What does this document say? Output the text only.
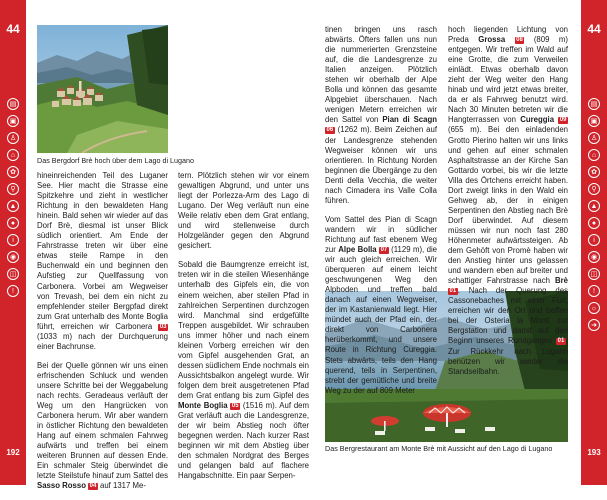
44
▤
▣
♙
⌂
✿
⚲
▲
●
i
◉
◫
!
192
44
▤
▣
♙
⌂
✿
⚲
▲
●
i
◉
◫
!
☼
➜
193
Das Bergdorf Brè hoch über dem Lago di Lugano
Das Bergrestaurant am Monte Brè mit Aussicht auf den Lago di Lugano

hineinreichenden Teil des Luganer See. Hier macht die Strasse eine Spitzkehre und zieht in westlicher Richtung in den bewaldeten Hang hinein. Bald sehen wir wieder auf das Dorf Brè, diesmal ist unser Blick südlich orientiert. Am Ende der Fahrstrasse treten wir über eine etwas steile Rampe in den Buchenwald ein und beginnen den Aufstieg zur Quellfassung von Carbonera. Vorbei am Wegweiser von Trevash, bei dem ein nicht zu empfehlender steiler Bergpfad direkt zum Grat unterhalb des Monte Boglia führt, erreichen wir Carbonera 03 (1033 m) nach der Durchquerung einer Bachrunse.

Bei der Quelle gönnen wir uns einen erfrischenden Schluck und wenden unsere Schritte bei der Weggabelung nach rechts. Geradeaus verläuft der Weg um den Hangrücken von Carbonera herum. Wir aber wandern in östlicher Richtung den bewaldeten Hang auf einem schmalen Fahrweg aufwärts und treffen bei einem weiteren Brunnen auf dessen Ende. Ein schmaler Steig überwindet die letzte Steilstufe hinauf zum Sattel des Sasso Rosso 04 auf 1317 Me-

tern. Plötzlich stehen wir vor einem gewaltigen Abgrund, und unter uns liegt der Porlezza-Arm des Lago di Lugano. Der Weg verläuft nun eine Weile relativ eben dem Grat entlang, und wird stellenweise durch Holzgeländer gegen den Abgrund gesichert.

Sobald die Baumgrenze erreicht ist, treten wir in die steilen Wiesenhänge unterhalb des Gipfels ein, die von einem weichen, aber steilen Pfad in zahlreichen Serpentinen durchzogen wird. Manchmal sind erdgefüllte Treppen ausgebildet. Wir schrauben uns immer höher und nach einem kleinen Vorberg erreichen wir den vom Gipfel ausgehenden Grat, an dessen südlichem Ende nochmals ein Aussichtsbalkon angelegt wurde. Wir folgen dem breit ausgetretenen Pfad dem Grat entlang bis zum Gipfel des Monte Boglia 05 (1516 m). Auf dem Grat verläuft auch die Landesgrenze, der wir beim Abstieg noch öfter begegnen werden. Nach kurzer Rast beginnen wir mit dem Abstieg über den schmalen Nordgrat des Berges und gelangen bald auf flachere Hangabschnitte. Ein paar Serpen-

tinen bringen uns rasch abwärts. Öfters fallen uns nun die nummerierten Grenzsteine auf, die die Landesgrenze zu Italien anzeigen. Plötzlich stehen wir oberhalb der Alpe Bolla und können das gesamte Alpgebiet überschauen. Nach wenigen Metern erreichen wir den Sattel von Pian di Scagn 06 (1262 m). Beim Zeichen auf der Landesgrenze stehenden Wegweiser können wir uns orientieren. In Richtung Norden beginnen die Übergänge zu den Denti della Vecchia, die weiter nach Cimadera ins Valle Colla führen.

Vom Sattel des Pian di Scagn wandern wir in südlicher Richtung auf fast ebenem Weg zur Alpe Bolla 07 (1129 m), die wir auch gleich erreichen. Wir überqueren auf einem leicht geschwungenen Weg den Alpboden und treffen bald danach auf einen Wegweiser, der im Kastanienwald liegt. Hier mündet auch der Pfad ein, der direkt von Carbonera herüberkommt, und unsere Route in Richtung Cureggia. Stets abwärts, teils den Hang querend, teils in Serpentinen, strebt der gemütliche und breite Weg zu der auf 809 Meter

hoch liegenden Lichtung von Preda Grossa 08 (809 m) entgegen. Wir treffen im Wald auf eine Grotte, die zum Verweilen einlädt. Etwas oberhalb davon zieht der Weg weiter den Hang hinab und wird jetzt etwas breiter, da er als Fahrweg benutzt wird. Nach 30 Minuten betreten wir die Hangterrassen von Cureggia 09 (655 m). Bei den einladenden Grotto Pierino halten wir uns links und gehen auf einer schmalen Asphaltstrasse an der Kirche San Gottardo vorbei, bis wir die letzte Villa des Örtchens erreicht haben. Dort zweigt links in den Wald ein Gehweg ab, der in einigen Serpentinen den Abstieg nach Brè Dorf überwindet. Auf diesem müssen wir nun noch fast 280 Höhenmeter aufwärtssteigen. Ab dem Gehöft von Promè haben wir den Anstieg hinter uns gelassen und wandern eben auf breiter und schattiger Fahrstrasse nach Brè 01 . Nach der Querung des Cassonebaches mit einer Furt, erreichen wir den Ort und treffen bei der Osteria la Monti zur Bergstation und damit auf den Beginn unseres Rundganges 01 . Zur Rückkehr nach Lugano benützen wir wieder die Standseilbahn.
